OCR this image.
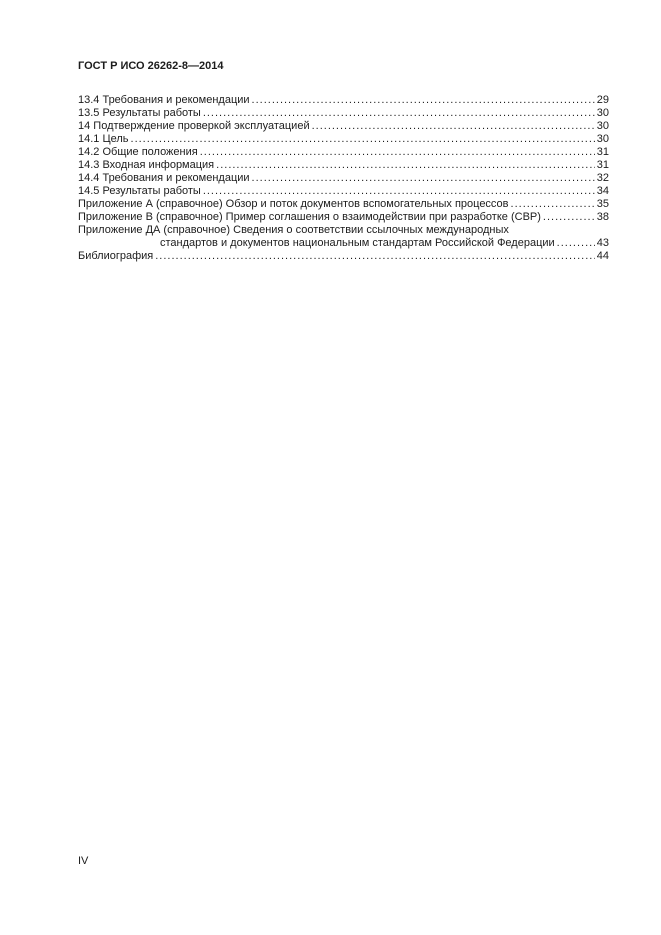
ГОСТ Р ИСО 26262-8—2014
13.4 Требования и рекомендации .....	29
13.5 Результаты работы .....	30
14 Подтверждение проверкой эксплуатацией .....	30
14.1 Цель .....	30
14.2 Общие положения .....	31
14.3 Входная информация .....	31
14.4 Требования и рекомендации .....	32
14.5 Результаты работы .....	34
Приложение А (справочное) Обзор и поток документов вспомогательных процессов .....	35
Приложение В (справочное) Пример соглашения о взаимодействии при разработке (СВР) .....	38
Приложение ДА (справочное) Сведения о соответствии ссылочных международных
стандартов и документов национальным стандартам Российской Федерации .....	43
Библиография .....	44
IV
